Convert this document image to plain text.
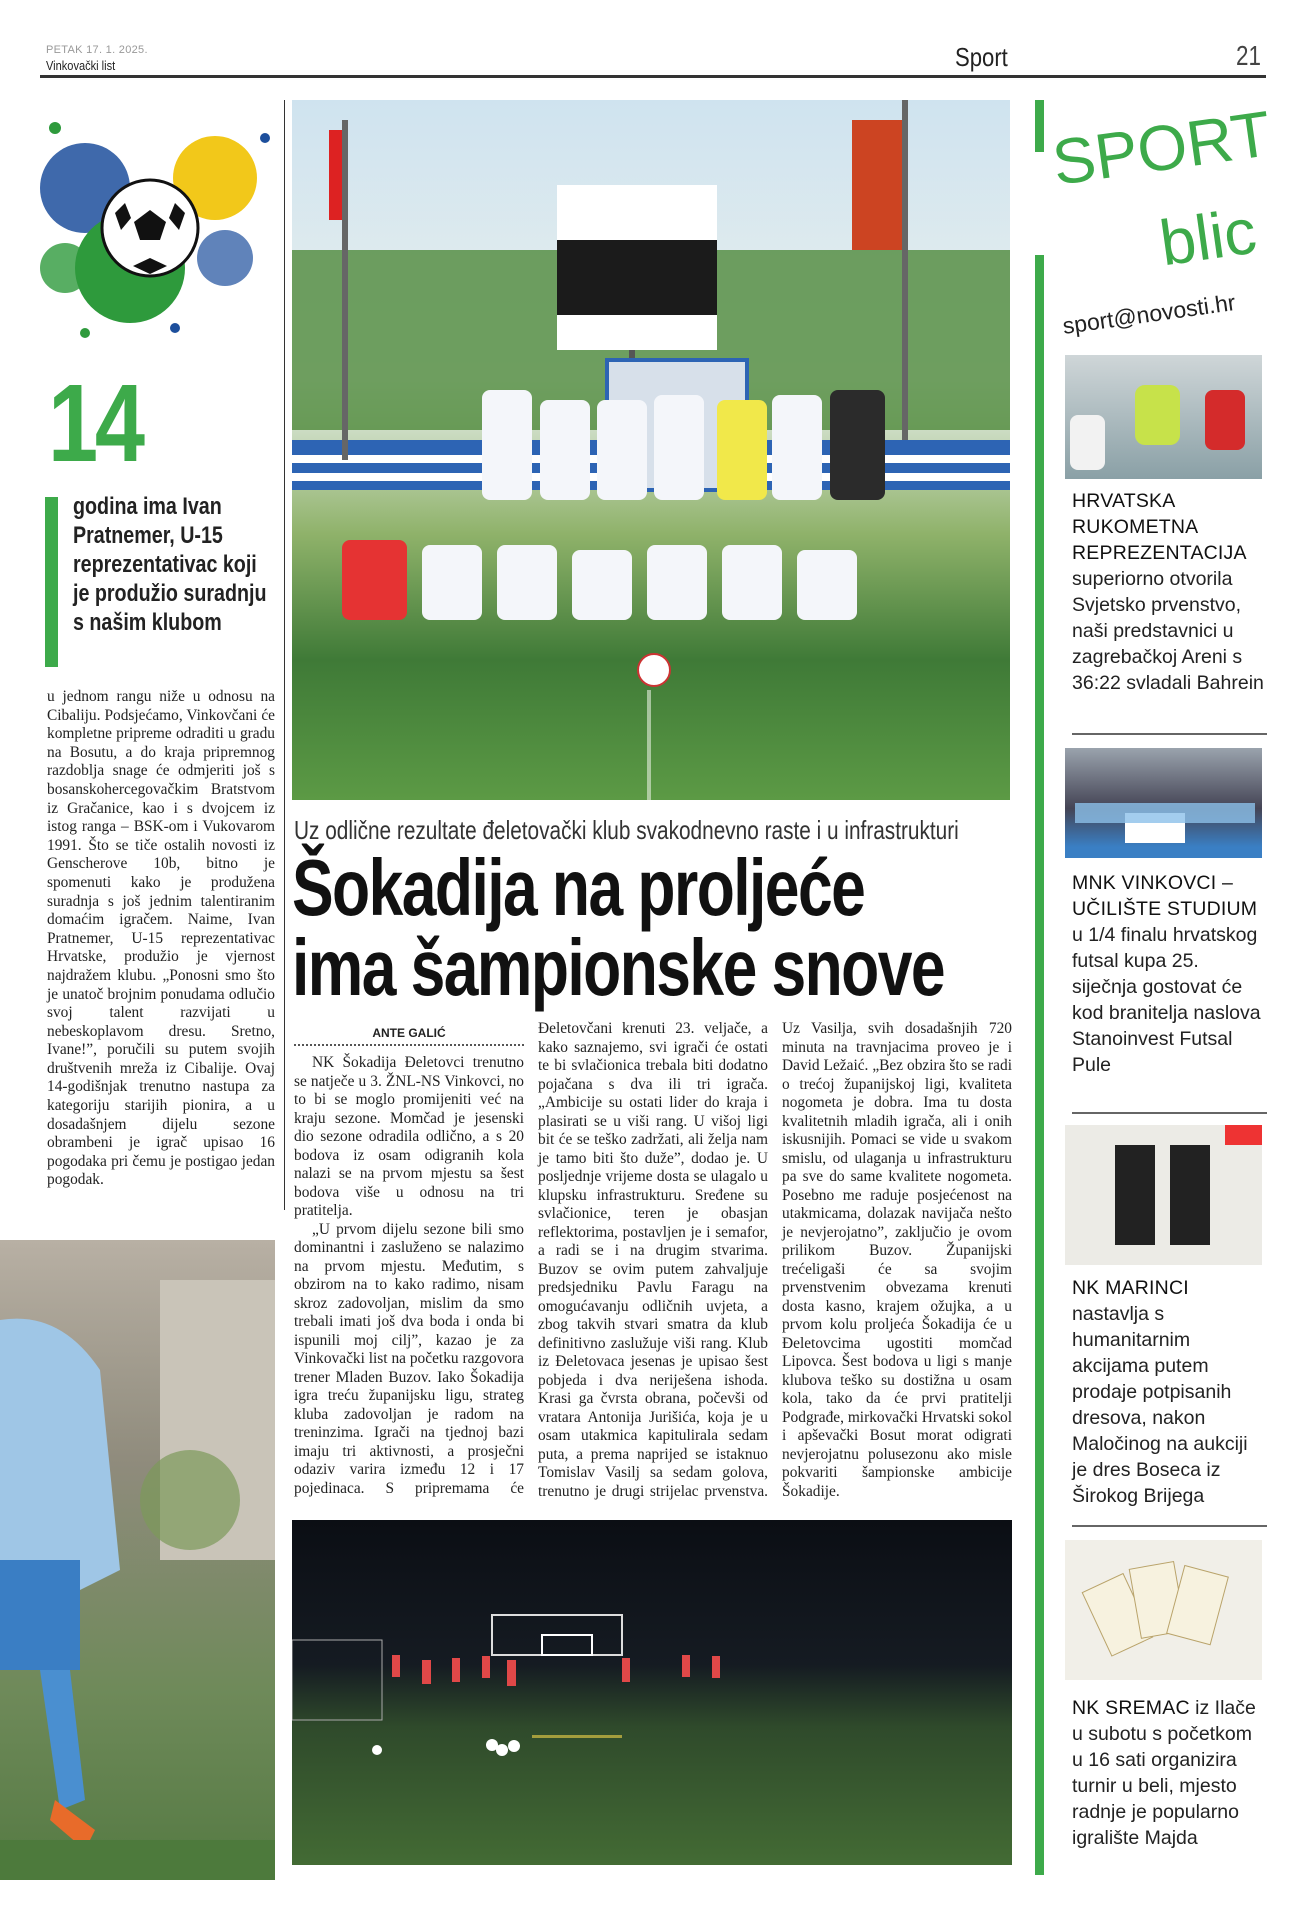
PETAK 17. 1. 2025.
Vinkovački list	Sport	21
14
godina ima Ivan Pratnemer, U-15 reprezentativac koji je produžio suradnju s našim klubom
u jednom rangu niže u odnosu na Cibaliju. Podsjećamo, Vinkovčani će kompletne pripreme odraditi u gradu na Bosutu, a do kraja pripremnog razdoblja snage će odmjeriti još s bosanskohercegovačkim Bratstvom iz Gračanice, kao i s dvojcem iz istog ranga – BSK-om i Vukovarom 1991. Što se tiče ostalih novosti iz Genscherove 10b, bitno je spomenuti kako je produžena suradnja s još jednim talentiranim domaćim igračem. Naime, Ivan Pratnemer, U-15 reprezentativac Hrvatske, produžio je vjernost najdražem klubu. „Ponosni smo što je unatoč brojnim ponudama odlučio svoj talent razvijati u nebeskoplavom dresu. Sretno, Ivane!”, poručili su putem svojih društvenih mreža iz Cibalije. Ovaj 14-godišnjak trenutno nastupa za kategoriju starijih pionira, a u dosadašnjem dijelu sezone obrambeni je igrač upisao 16 pogodaka pri čemu je postigao jedan pogodak.
Uz odlične rezultate đeletovački klub svakodnevno raste i u infrastrukturi
Šokadija na proljeće
ima šampionske snove
ANTE GALIĆ

NK Šokadija Đeletovci trenutno se natječe u 3. ŽNL-NS Vinkovci, no to bi se moglo promijeniti već na kraju sezone. Momčad je jesenski dio sezone odradila odlično, a s 20 bodova iz osam odigranih kola nalazi se na prvom mjestu sa šest bodova više u odnosu na tri pratitelja.

„U prvom dijelu sezone bili smo dominantni i zasluženo se nalazimo na prvom mjestu. Međutim, s obzirom na to kako radimo, nisam skroz zadovoljan, mislim da smo trebali imati još dva boda i onda bi ispunili moj cilj”, kazao je za Vinkovački list na početku razgovora trener Mladen Buzov. Iako Šokadija igra treću županijsku ligu, strateg kluba zadovoljan je radom na treninzima. Igrači na tjednoj bazi imaju tri aktivnosti, a prosječni odaziv varira između 12 i 17 pojedinaca. S pripremama će Đeletovčani krenuti 23. veljače, a kako saznajemo, svi igrači će ostati te bi svlačionica trebala biti dodatno pojačana s dva ili tri igrača. „Ambicije su ostati lider do kraja i plasirati se u viši rang. U višoj ligi bit će se teško zadržati, ali želja nam je tamo biti što duže”, dodao je. U posljednje vrijeme dosta se ulagalo u klupsku infrastrukturu. Sređene su svlačionice, teren je obasjan reflektorima, postavljen je i semafor, a radi se i na drugim stvarima. Buzov se ovim putem zahvaljuje predsjedniku Pavlu Faragu na omogućavanju odličnih uvjeta, a zbog takvih stvari smatra da klub definitivno zaslužuje viši rang. Klub iz Đeletovaca jesenas je upisao šest pobjeda i dva neriješena ishoda. Krasi ga čvrsta obrana, počevši od vratara Antonija Jurišića, koja je u osam utakmica kapitulirala sedam puta, a prema naprijed se istaknuo Tomislav Vasilj sa sedam golova, trenutno je drugi strijelac prvenstva. Uz Vasilja, svih dosadašnjih 720 minuta na travnjacima proveo je i David Ležaić. „Bez obzira što se radi o trećoj županijskoj ligi, kvaliteta nogometa je dobra. Ima tu dosta kvalitetnih mladih igrača, ali i onih iskusnijih. Pomaci se vide u svakom smislu, od ulaganja u infrastrukturu pa sve do same kvalitete nogometa. Posebno me raduje posjećenost na utakmicama, dolazak navijača nešto je nevjerojatno”, zaključio je ovom prilikom Buzov. Županijski trećeligaši će sa svojim prvenstvenim obvezama krenuti dosta kasno, krajem ožujka, a u prvom kolu proljeća Šokadija će u Đeletovcima ugostiti momčad Lipovca. Šest bodova u ligi s manje klubova teško su dostižna u osam kola, tako da će prvi pratitelji Podgrađe, mirkovački Hrvatski sokol i apševački Bosut morat odigrati nevjerojatnu polusezonu ako misle pokvariti šampionske ambicije Šokadije.

SPORT
blic
sport@novosti.hr
HRVATSKA RUKOMETNA REPREZENTACIJA superiorno otvorila Svjetsko prvenstvo, naši predstavnici u zagrebačkoj Areni s 36:22 svladali Bahrein
MNK VINKOVCI – UČILIŠTE STUDIUM u 1/4 finalu hrvatskog futsal kupa 25. siječnja gostovat će kod branitelja naslova Stanoinvest Futsal Pule
NK MARINCI nastavlja s humanitarnim akcijama putem prodaje potpisanih dresova, nakon Maločinog na aukciji je dres Boseca iz Širokog Brijega
NK SREMAC iz Ilače u subotu s početkom u 16 sati organizira turnir u beli, mjesto radnje je popularno igralište Majda
